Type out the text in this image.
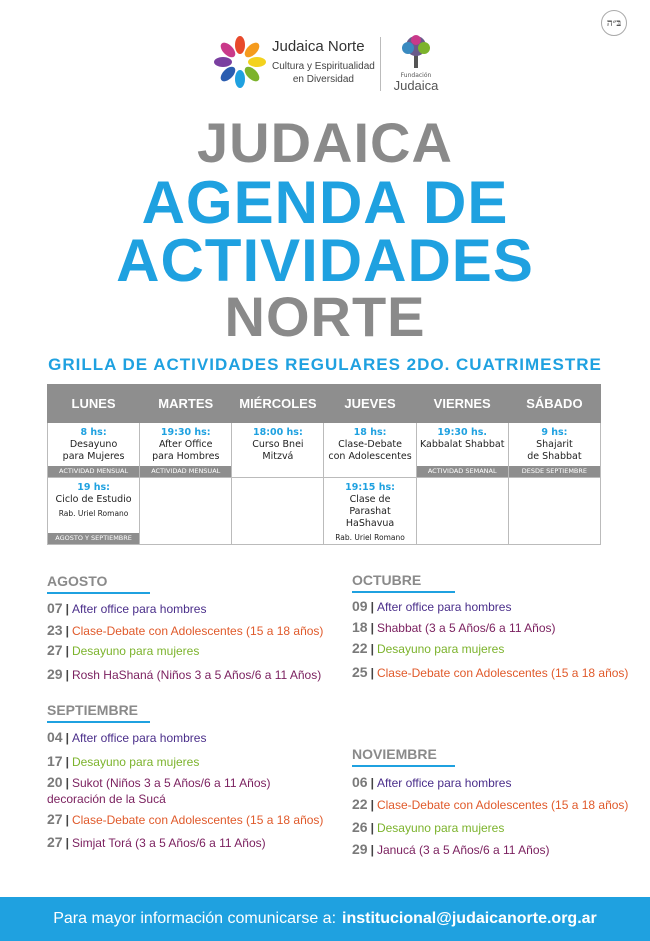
בּ״ה
Judaica Norte
Cultura y Espiritualidad
en Diversidad	Fundación
Judaica
JUDAICA
AGENDA DE
ACTIVIDADES
NORTE
GRILLA DE ACTIVIDADES REGULARES 2DO. CUATRIMESTRE
LUNES	MARTES	MIÉRCOLES	JUEVES	VIERNES	SÁBADO

8 hs:
Desayuno
para Mujeres
ACTIVIDAD MENSUAL	19:30 hs:
After Office
para Hombres
ACTIVIDAD MENSUAL	18:00 hs:
Curso Bnei
Mitzvá	18 hs:
Clase-Debate
con Adolescentes	19:30 hs.
Kabbalat Shabbat
ACTIVIDAD SEMANAL	9 hs:
Shajarit
de Shabbat
DESDE SEPTIEMBRE

19 hs:
Ciclo de Estudio
Rab. Uriel Romano
AGOSTO Y SEPTIEMBRE			19:15 hs:
Clase de
Parashat
HaShavua
Rab. Uriel Romano		

AGOSTO
07 | After office para hombres
23 | Clase-Debate con Adolescentes (15 a 18 años)
27 | Desayuno para mujeres
29 | Rosh HaShaná (Niños 3 a 5 Años/6 a 11 Años)
SEPTIEMBRE
04 | After office para hombres
17 | Desayuno para mujeres
20 | Sukot (Niños 3 a 5 Años/6 a 11 Años)
decoración de la Sucá
27 | Clase-Debate con Adolescentes (15 a 18 años)
27 | Simjat Torá (3 a 5 Años/6 a 11 Años)
OCTUBRE
09 | After office para hombres
18 | Shabbat (3 a 5 Años/6 a 11 Años)
22 | Desayuno para mujeres
25 | Clase-Debate con Adolescentes (15 a 18 años)
NOVIEMBRE
06 | After office para hombres
22 | Clase-Debate con Adolescentes (15 a 18 años)
26 | Desayuno para mujeres
29 | Janucá (3 a 5 Años/6 a 11 Años)
Para mayor información comunicarse a: institucional@judaicanorte.org.ar
